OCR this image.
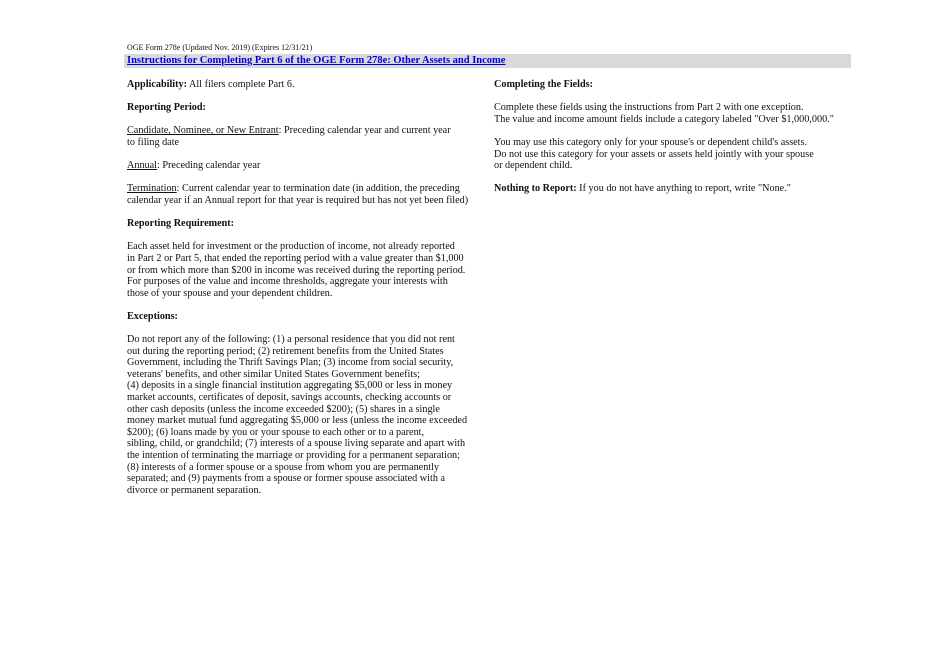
OGE Form 278e (Updated Nov. 2019) (Expires 12/31/21)
Instructions for Completing Part 6 of the OGE Form 278e: Other Assets and Income

Applicability: All filers complete Part 6.

Reporting Period:

Candidate, Nominee, or New Entrant: Preceding calendar year and current year
to filing date

Annual: Preceding calendar year

Termination: Current calendar year to termination date (in addition, the preceding
calendar year if an Annual report for that year is required but has not yet been filed)

Reporting Requirement:

Each asset held for investment or the production of income, not already reported
in Part 2 or Part 5, that ended the reporting period with a value greater than $1,000
or from which more than $200 in income was received during the reporting period.
For purposes of the value and income thresholds, aggregate your interests with
those of your spouse and your dependent children.

Exceptions:

Do not report any of the following: (1) a personal residence that you did not rent
out during the reporting period; (2) retirement benefits from the United States
Government, including the Thrift Savings Plan; (3) income from social security,
veterans' benefits, and other similar United States Government benefits;
(4) deposits in a single financial institution aggregating $5,000 or less in money
market accounts, certificates of deposit, savings accounts, checking accounts or
other cash deposits (unless the income exceeded $200); (5) shares in a single
money market mutual fund aggregating $5,000 or less (unless the income exceeded
$200); (6) loans made by you or your spouse to each other or to a parent,
sibling, child, or grandchild; (7) interests of a spouse living separate and apart with
the intention of terminating the marriage or providing for a permanent separation;
(8) interests of a former spouse or a spouse from whom you are permanently
separated; and (9) payments from a spouse or former spouse associated with a
divorce or permanent separation.

Completing the Fields:

Complete these fields using the instructions from Part 2 with one exception.
The value and income amount fields include a category labeled "Over $1,000,000."

You may use this category only for your spouse's or dependent child's assets.
Do not use this category for your assets or assets held jointly with your spouse
or dependent child.

Nothing to Report: If you do not have anything to report, write "None."
